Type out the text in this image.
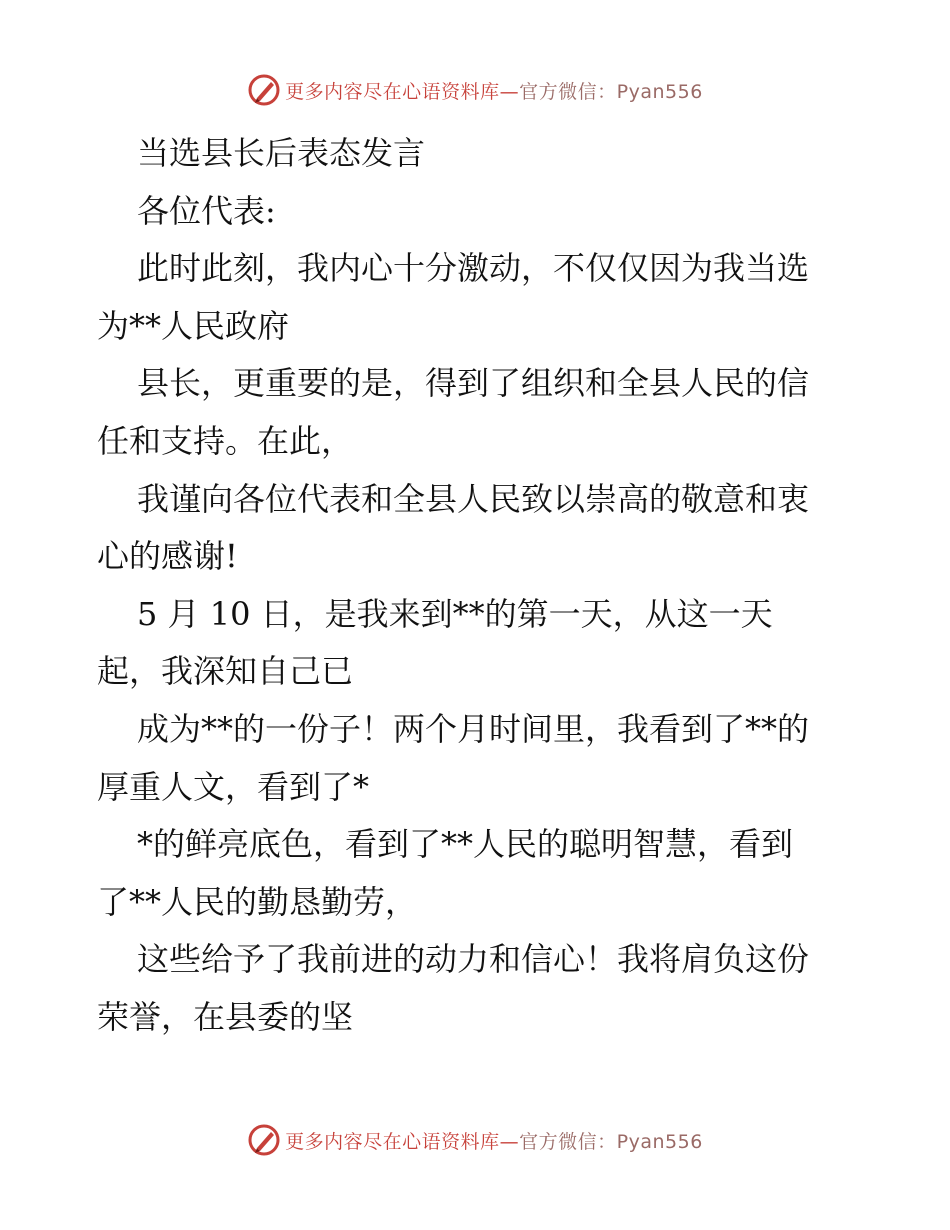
更多内容尽在心语资料库—官方微信：Pyan556
当选县长后表态发言
各位代表:
此时此刻，我内心十分激动，不仅仅因为我当选
为**人民政府
县长，更重要的是，得到了组织和全县人民的信
任和支持。在此，
我谨向各位代表和全县人民致以崇高的敬意和衷
心的感谢!
5 月 10 日，是我来到**的第一天，从这一天
起，我深知自己已
成为**的一份子！两个月时间里，我看到了**的
厚重人文，看到了*
*的鲜亮底色，看到了**人民的聪明智慧，看到
了**人民的勤恳勤劳，
这些给予了我前进的动力和信心！我将肩负这份
荣誉，在县委的坚
更多内容尽在心语资料库—官方微信：Pyan556
